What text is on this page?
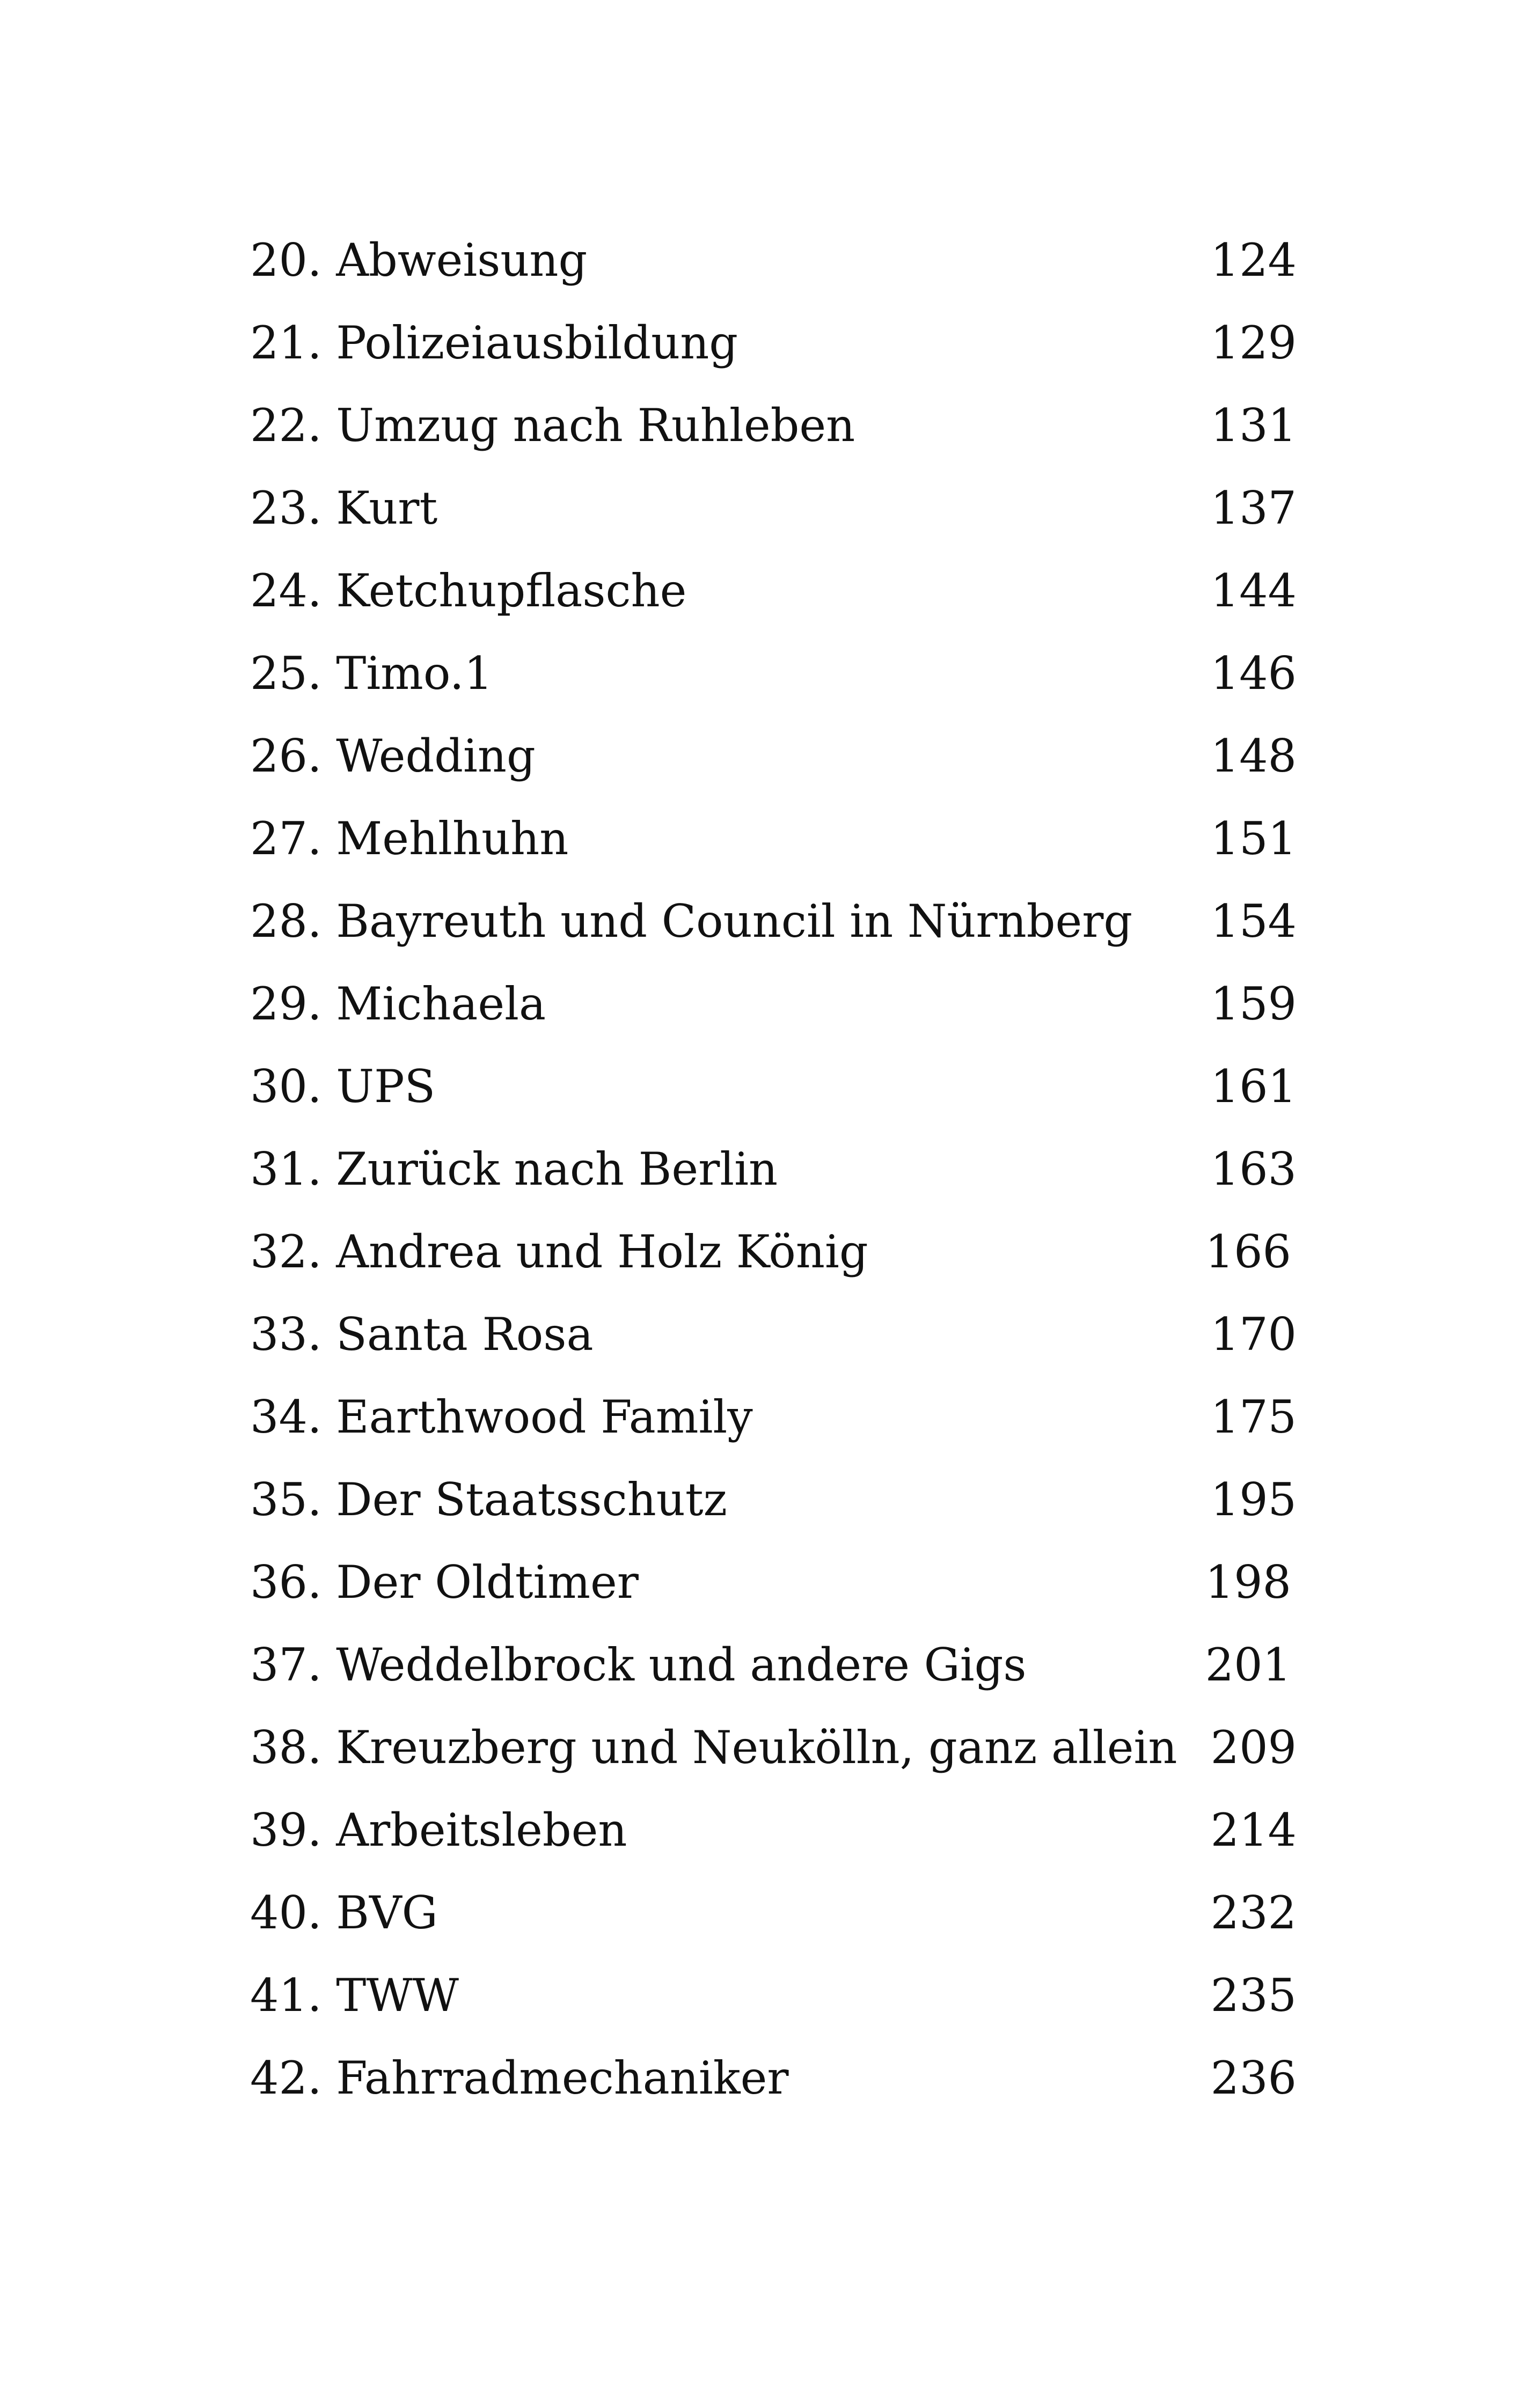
20. Abweisung	124
21. Polizeiausbildung	129
22. Umzug nach Ruhleben	131
23. Kurt	137
24. Ketchupflasche	144
25. Timo.1	146
26. Wedding	148
27. Mehlhuhn	151
28. Bayreuth und Council in Nürnberg 154
29. Michaela	159
30. UPS	161
31. Zurück nach Berlin	163
32. Andrea und Holz König	166
33. Santa Rosa	170
34. Earthwood Family	175
35. Der Staatsschutz	195
36. Der Oldtimer	198
37. Weddelbrock und andere Gigs	201
38. Kreuzberg und Neukölln, ganz allein 209
39. Arbeitsleben	214
40. BVG	232
41. TWW	235
42. Fahrradmechaniker	236
